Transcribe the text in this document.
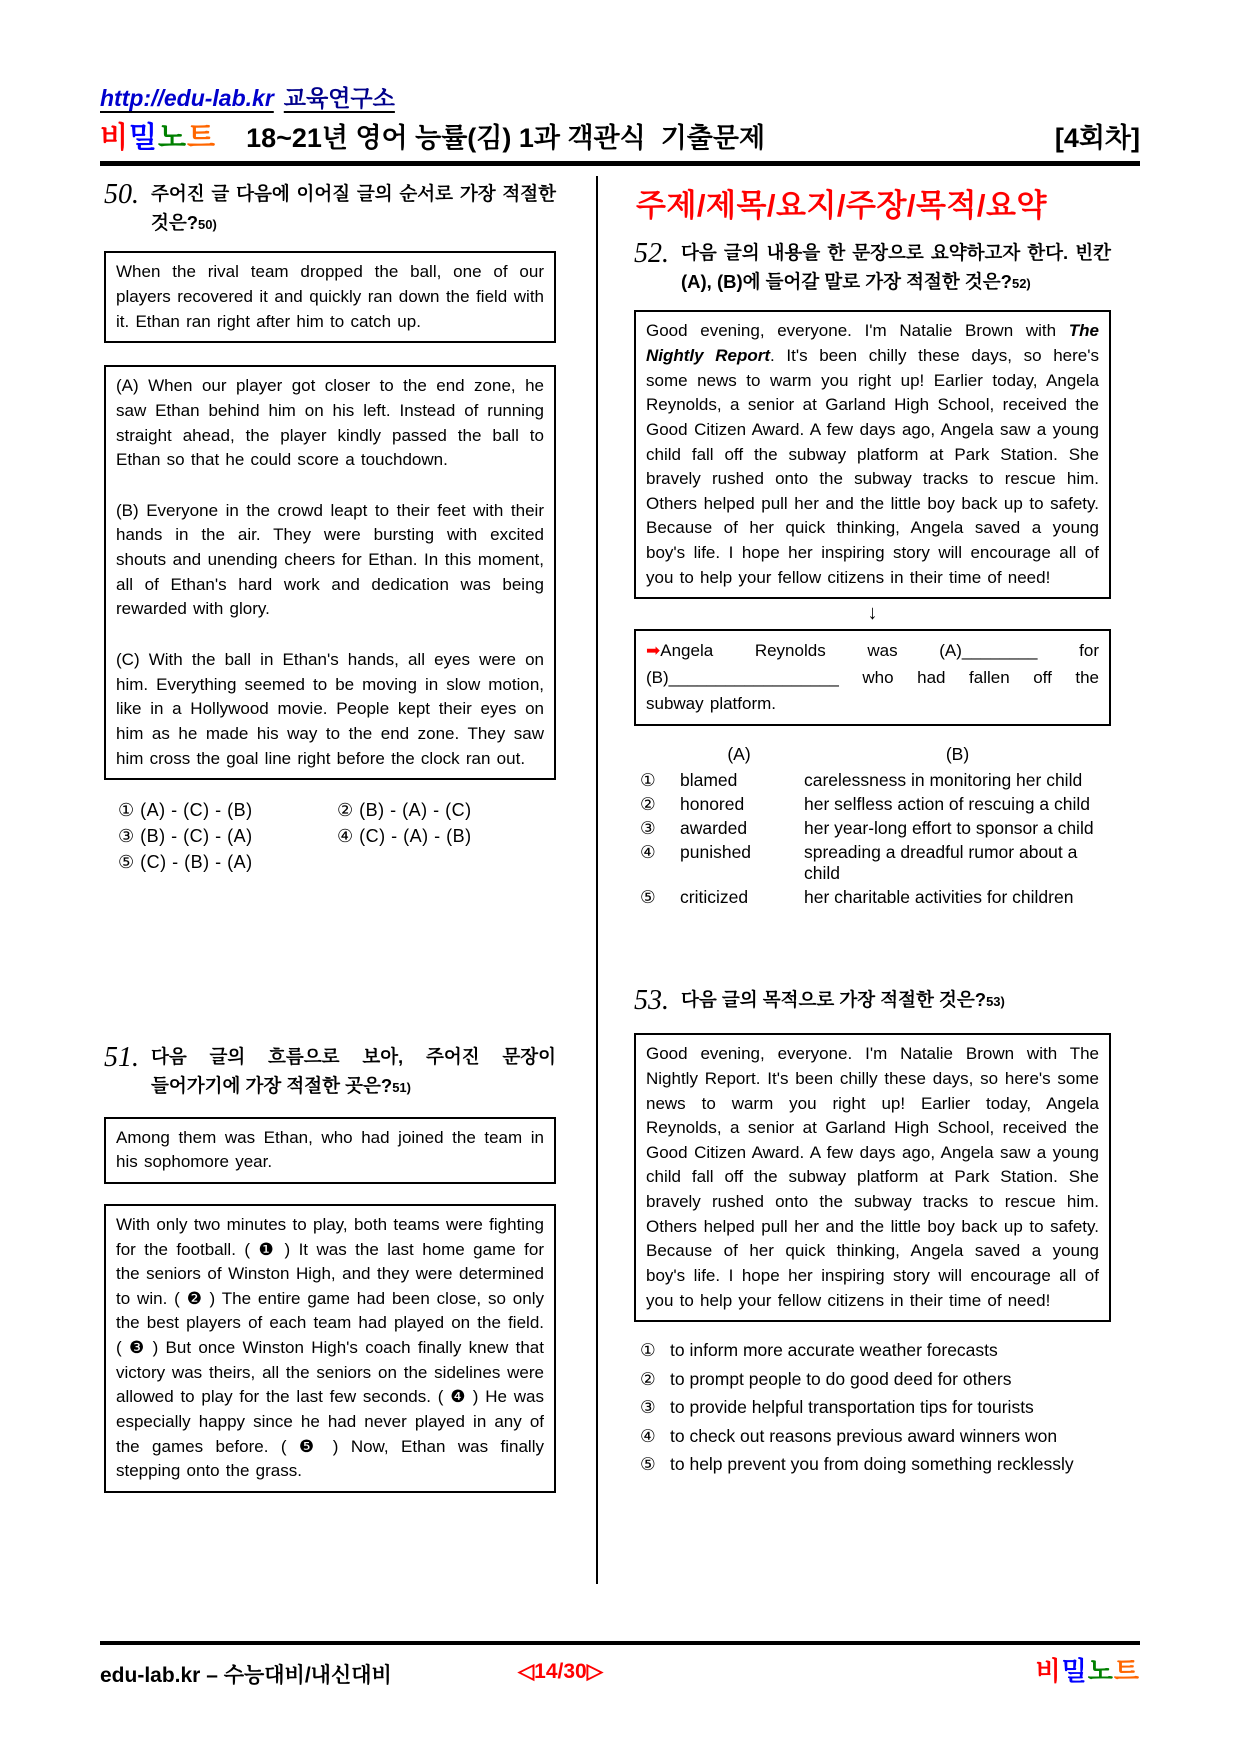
http://edu-lab.kr 교육연구소
비밀노트 18~21년 영어 능률(김) 1과 객관식  기출문제	[4회차]
50. 주어진 글 다음에 이어질 글의 순서로 가장 적절한 것은?50)
When the rival team dropped the ball, one of our players recovered it and quickly ran down the field with it. Ethan ran right after him to catch up.

(A) When our player got closer to the end zone, he saw Ethan behind him on his left. Instead of running straight ahead, the player kindly passed the ball to Ethan so that he could score a touchdown.

(B) Everyone in the crowd leapt to their feet with their hands in the air. They were bursting with excited shouts and unending cheers for Ethan. In this moment, all of Ethan's hard work and dedication was being rewarded with glory.

(C) With the ball in Ethan's hands, all eyes were on him. Everything seemed to be moving in slow motion, like in a Hollywood movie. People kept their eyes on him as he made his way to the end zone. They saw him cross the goal line right before the clock ran out.

① (A) - (C) - (B)	② (B) - (A) - (C)
③ (B) - (C) - (A)	④ (C) - (A) - (B)
⑤ (C) - (B) - (A)
51. 다음 글의 흐름으로 보아, 주어진 문장이 들어가기에 가장 적절한 곳은?51)
Among them was Ethan, who had joined the team in his sophomore year.
With only two minutes to play, both teams were fighting for the football. ( ❶ ) It was the last home game for the seniors of Winston High, and they were determined to win. ( ❷ ) The entire game had been close, so only the best players of each team had played on the field. ( ❸ ) But once Winston High's coach finally knew that victory was theirs, all the seniors on the sidelines were allowed to play for the last few seconds. ( ❹ ) He was especially happy since he had never played in any of the games before. ( ❺ ) Now, Ethan was finally stepping onto the grass.
주제/제목/요지/주장/목적/요약
52. 다음 글의 내용을 한 문장으로 요약하고자 한다. 빈칸 (A), (B)에 들어갈 말로 가장 적절한 것은?52)
Good evening, everyone. I'm Natalie Brown with The Nightly Report. It's been chilly these days, so here's some news to warm you right up! Earlier today, Angela Reynolds, a senior at Garland High School, received the Good Citizen Award. A few days ago, Angela saw a young child fall off the subway platform at Park Station. She bravely rushed onto the subway tracks to rescue him. Others helped pull her and the little boy back up to safety. Because of her quick thinking, Angela saved a young boy's life. I hope her inspiring story will encourage all of you to help your fellow citizens in their time of need!
↓
➡Angela Reynolds was (A)________ for
(B)__________________ who had fallen off the
subway platform.
(A)	(B)
①	blamed	carelessness in monitoring her child
②	honored	her selfless action of rescuing a child
③	awarded	her year-long effort to sponsor a child
④	punished	spreading a dreadful rumor about a child
⑤	criticized	her charitable activities for children
53. 다음 글의 목적으로 가장 적절한 것은?53)
Good evening, everyone. I'm Natalie Brown with The Nightly Report. It's been chilly these days, so here's some news to warm you right up! Earlier today, Angela Reynolds, a senior at Garland High School, received the Good Citizen Award. A few days ago, Angela saw a young child fall off the subway platform at Park Station. She bravely rushed onto the subway tracks to rescue him. Others helped pull her and the little boy back up to safety. Because of her quick thinking, Angela saved a young boy's life. I hope her inspiring story will encourage all of you to help your fellow citizens in their time of need!
① to inform more accurate weather forecasts
② to prompt people to do good deed for others
③ to provide helpful transportation tips for tourists
④ to check out reasons previous award winners won
⑤ to help prevent you from doing something recklessly
edu-lab.kr – 수능대비/내신대비	◁14/30▷	비밀노트
